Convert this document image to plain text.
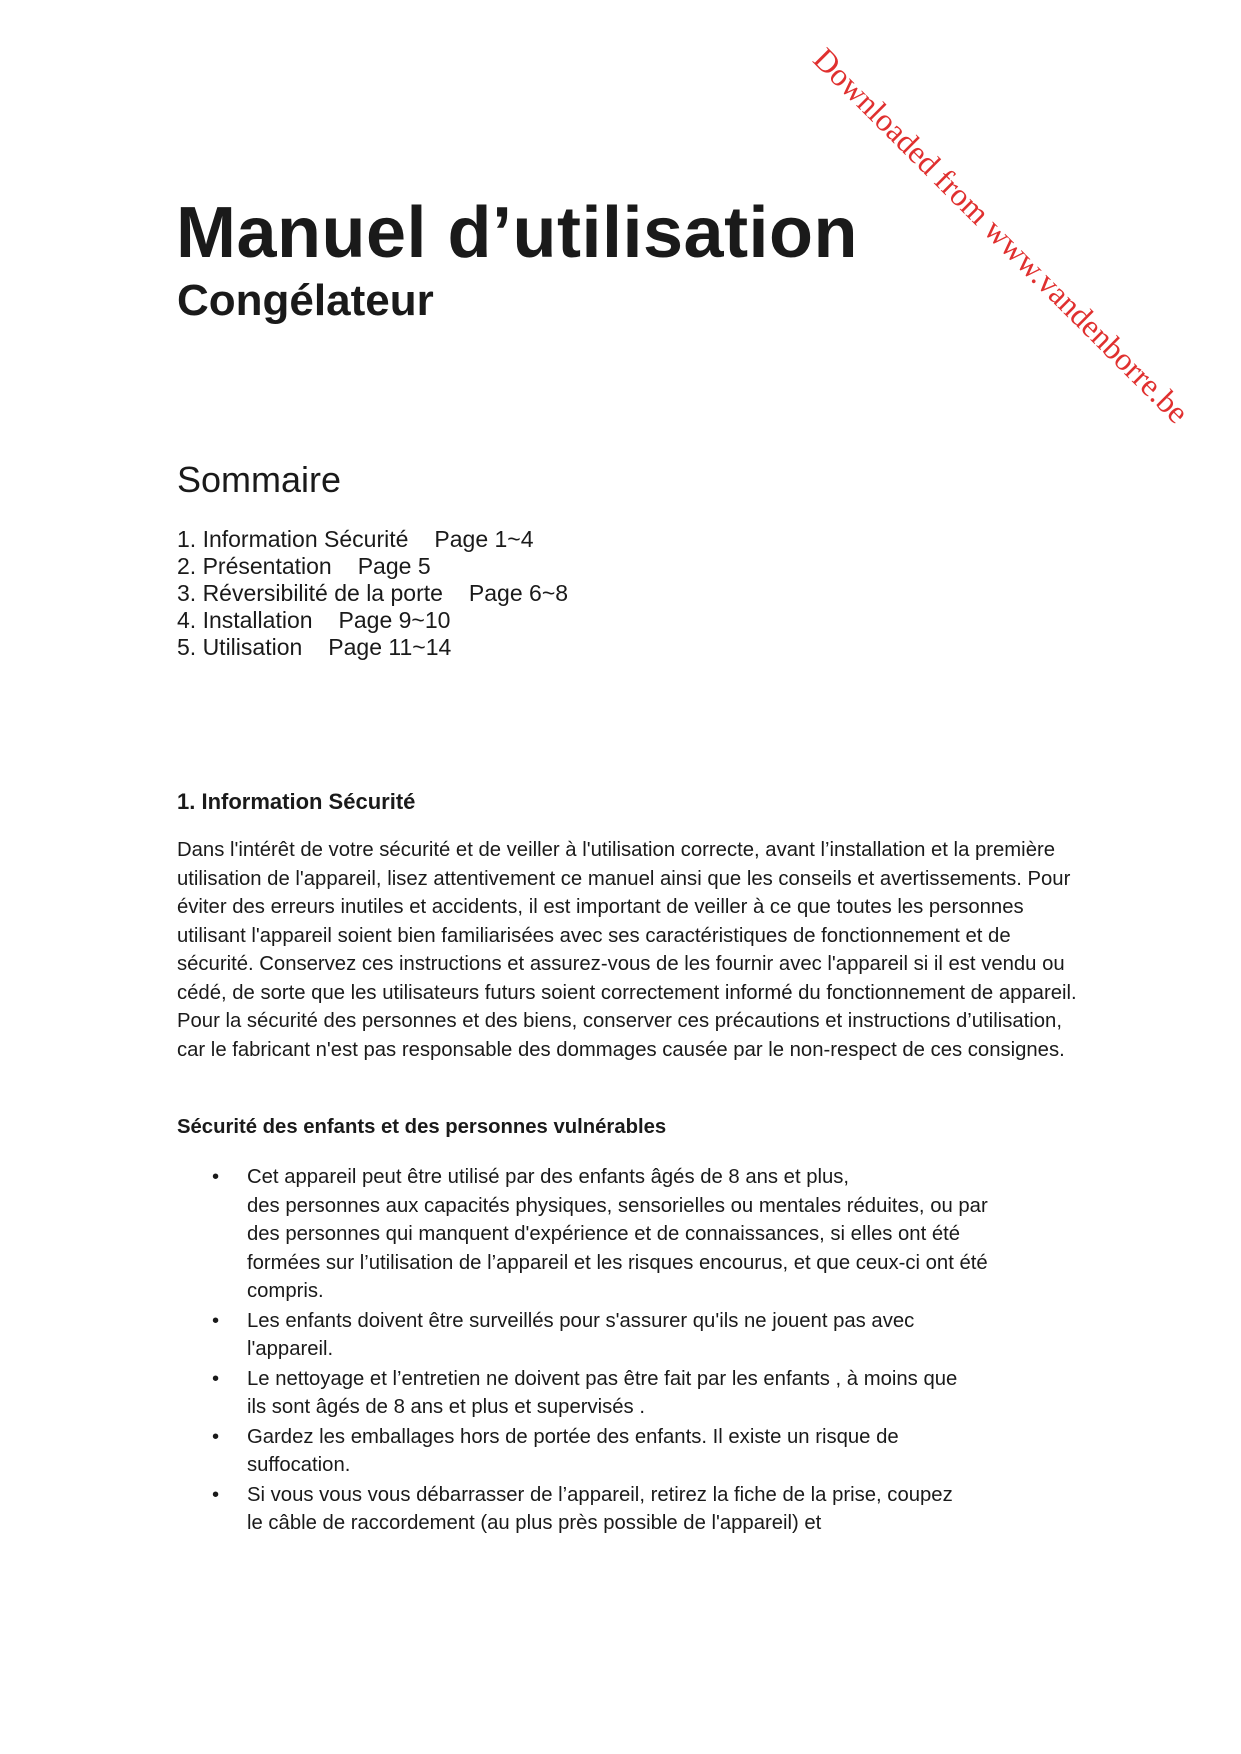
Manuel d’utilisation
Congélateur	Downloaded from www.vandenborre.be
Sommaire
1. Information Sécurité Page 1~4
2. Présentation Page 5
3. Réversibilité de la porte Page 6~8
4. Installation Page 9~10
5. Utilisation Page 11~14
1. Information Sécurité

Dans l'intérêt de votre sécurité et de veiller à l'utilisation correcte, avant l’installation et la première utilisation de l'appareil, lisez attentivement ce manuel ainsi que les conseils et avertissements. Pour éviter des erreurs inutiles et accidents, il est important de veiller à ce que toutes les personnes utilisant l'appareil soient bien familiarisées avec ses caractéristiques de fonctionnement et de sécurité. Conservez ces instructions et assurez-vous de les fournir avec l'appareil si il est vendu ou cédé, de sorte que les utilisateurs futurs soient correctement informé du fonctionnement de appareil. Pour la sécurité des personnes et des biens, conserver ces précautions et instructions d’utilisation, car le fabricant n'est pas responsable des dommages causée par le non-respect de ces consignes.

Sécurité des enfants et des personnes vulnérables
• Cet appareil peut être utilisé par des enfants âgés de 8 ans et plus,
des personnes aux capacités physiques, sensorielles ou mentales réduites, ou par
des personnes qui manquent d'expérience et de connaissances, si elles ont été
formées sur l’utilisation de l’appareil et les risques encourus, et que ceux-ci ont été
compris.
• Les enfants doivent être surveillés pour s'assurer qu'ils ne jouent pas avec
l'appareil.
• Le nettoyage et l’entretien ne doivent pas être fait par les enfants , à moins que
ils sont âgés de 8 ans et plus et supervisés .
• Gardez les emballages hors de portée des enfants. Il existe un risque de
suffocation.
• Si vous vous vous débarrasser de l’appareil, retirez la fiche de la prise, coupez
le câble de raccordement (au plus près possible de l'appareil) et
